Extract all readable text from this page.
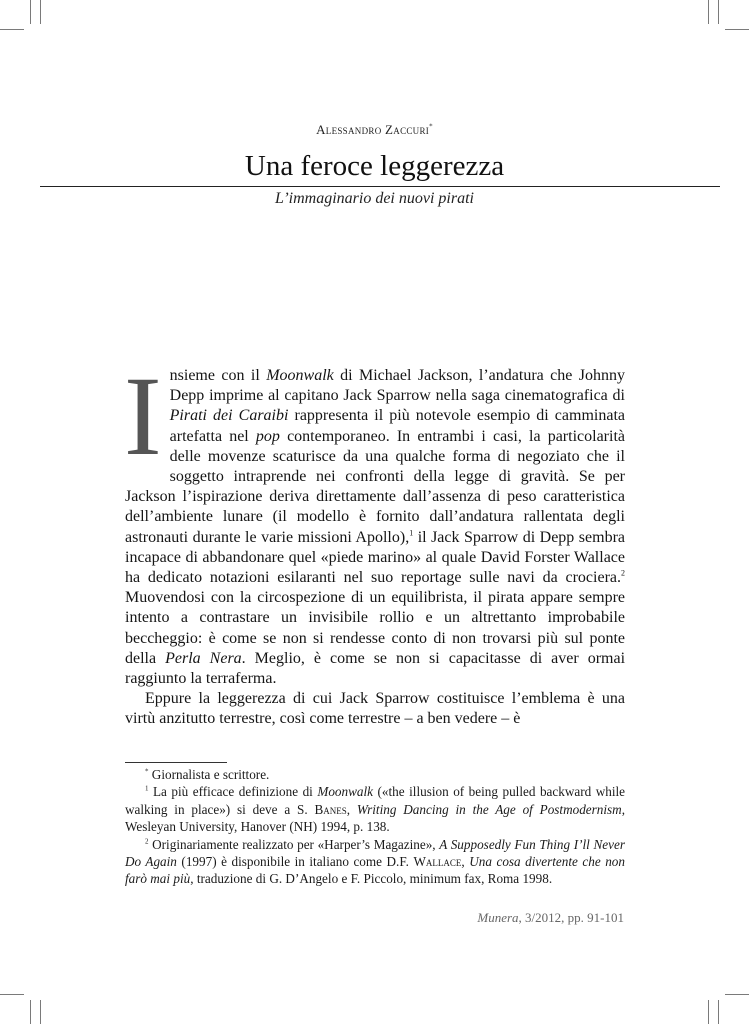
Alessandro Zaccuri*
Una feroce leggerezza
L’immaginario dei nuovi pirati

Insieme con il Moonwalk di Michael Jackson, l’andatura che Johnny Depp imprime al capitano Jack Sparrow nella saga cinematografica di Pirati dei Caraibi rappresenta il più notevole esempio di camminata artefatta nel pop contemporaneo. In entrambi i casi, la particolarità delle movenze scaturisce da una qualche forma di negoziato che il soggetto intraprende nei confronti della legge di gravità. Se per Jackson l’ispirazione deriva direttamente dall’assenza di peso caratteristica dell’ambiente lunare (il modello è fornito dall’andatura rallentata degli astronauti durante le varie missioni Apollo),$^1$ il Jack Sparrow di Depp sembra incapace di abbandonare quel «piede marino» al quale David Forster Wallace ha dedicato notazioni esilaranti nel suo reportage sulle navi da crociera.$^2$ Muovendosi con la circospezione di un equilibrista, il pirata appare sempre intento a contrastare un invisibile rollio e un altrettanto improbabile beccheggio: è come se non si rendesse conto di non trovarsi più sul ponte della Perla Nera. Meglio, è come se non si capacitasse di aver ormai raggiunto la terraferma.

Eppure la leggerezza di cui Jack Sparrow costituisce l’emblema è una virtù anzitutto terrestre, così come terrestre – a ben vedere – è

* Giornalista e scrittore.

$^1$ La più efficace definizione di Moonwalk («the illusion of being pulled backward while walking in place») si deve a S. Banes, Writing Dancing in the Age of Postmodernism, Wesleyan University, Hanover (NH) 1994, p. 138.

$^2$ Originariamente realizzato per «Harper’s Magazine», A Supposedly Fun Thing I’ll Never Do Again (1997) è disponibile in italiano come D.F. Wallace, Una cosa divertente che non farò mai più, traduzione di G. D’Angelo e F. Piccolo, minimum fax, Roma 1998.

Munera, 3/2012, pp. 91-101
